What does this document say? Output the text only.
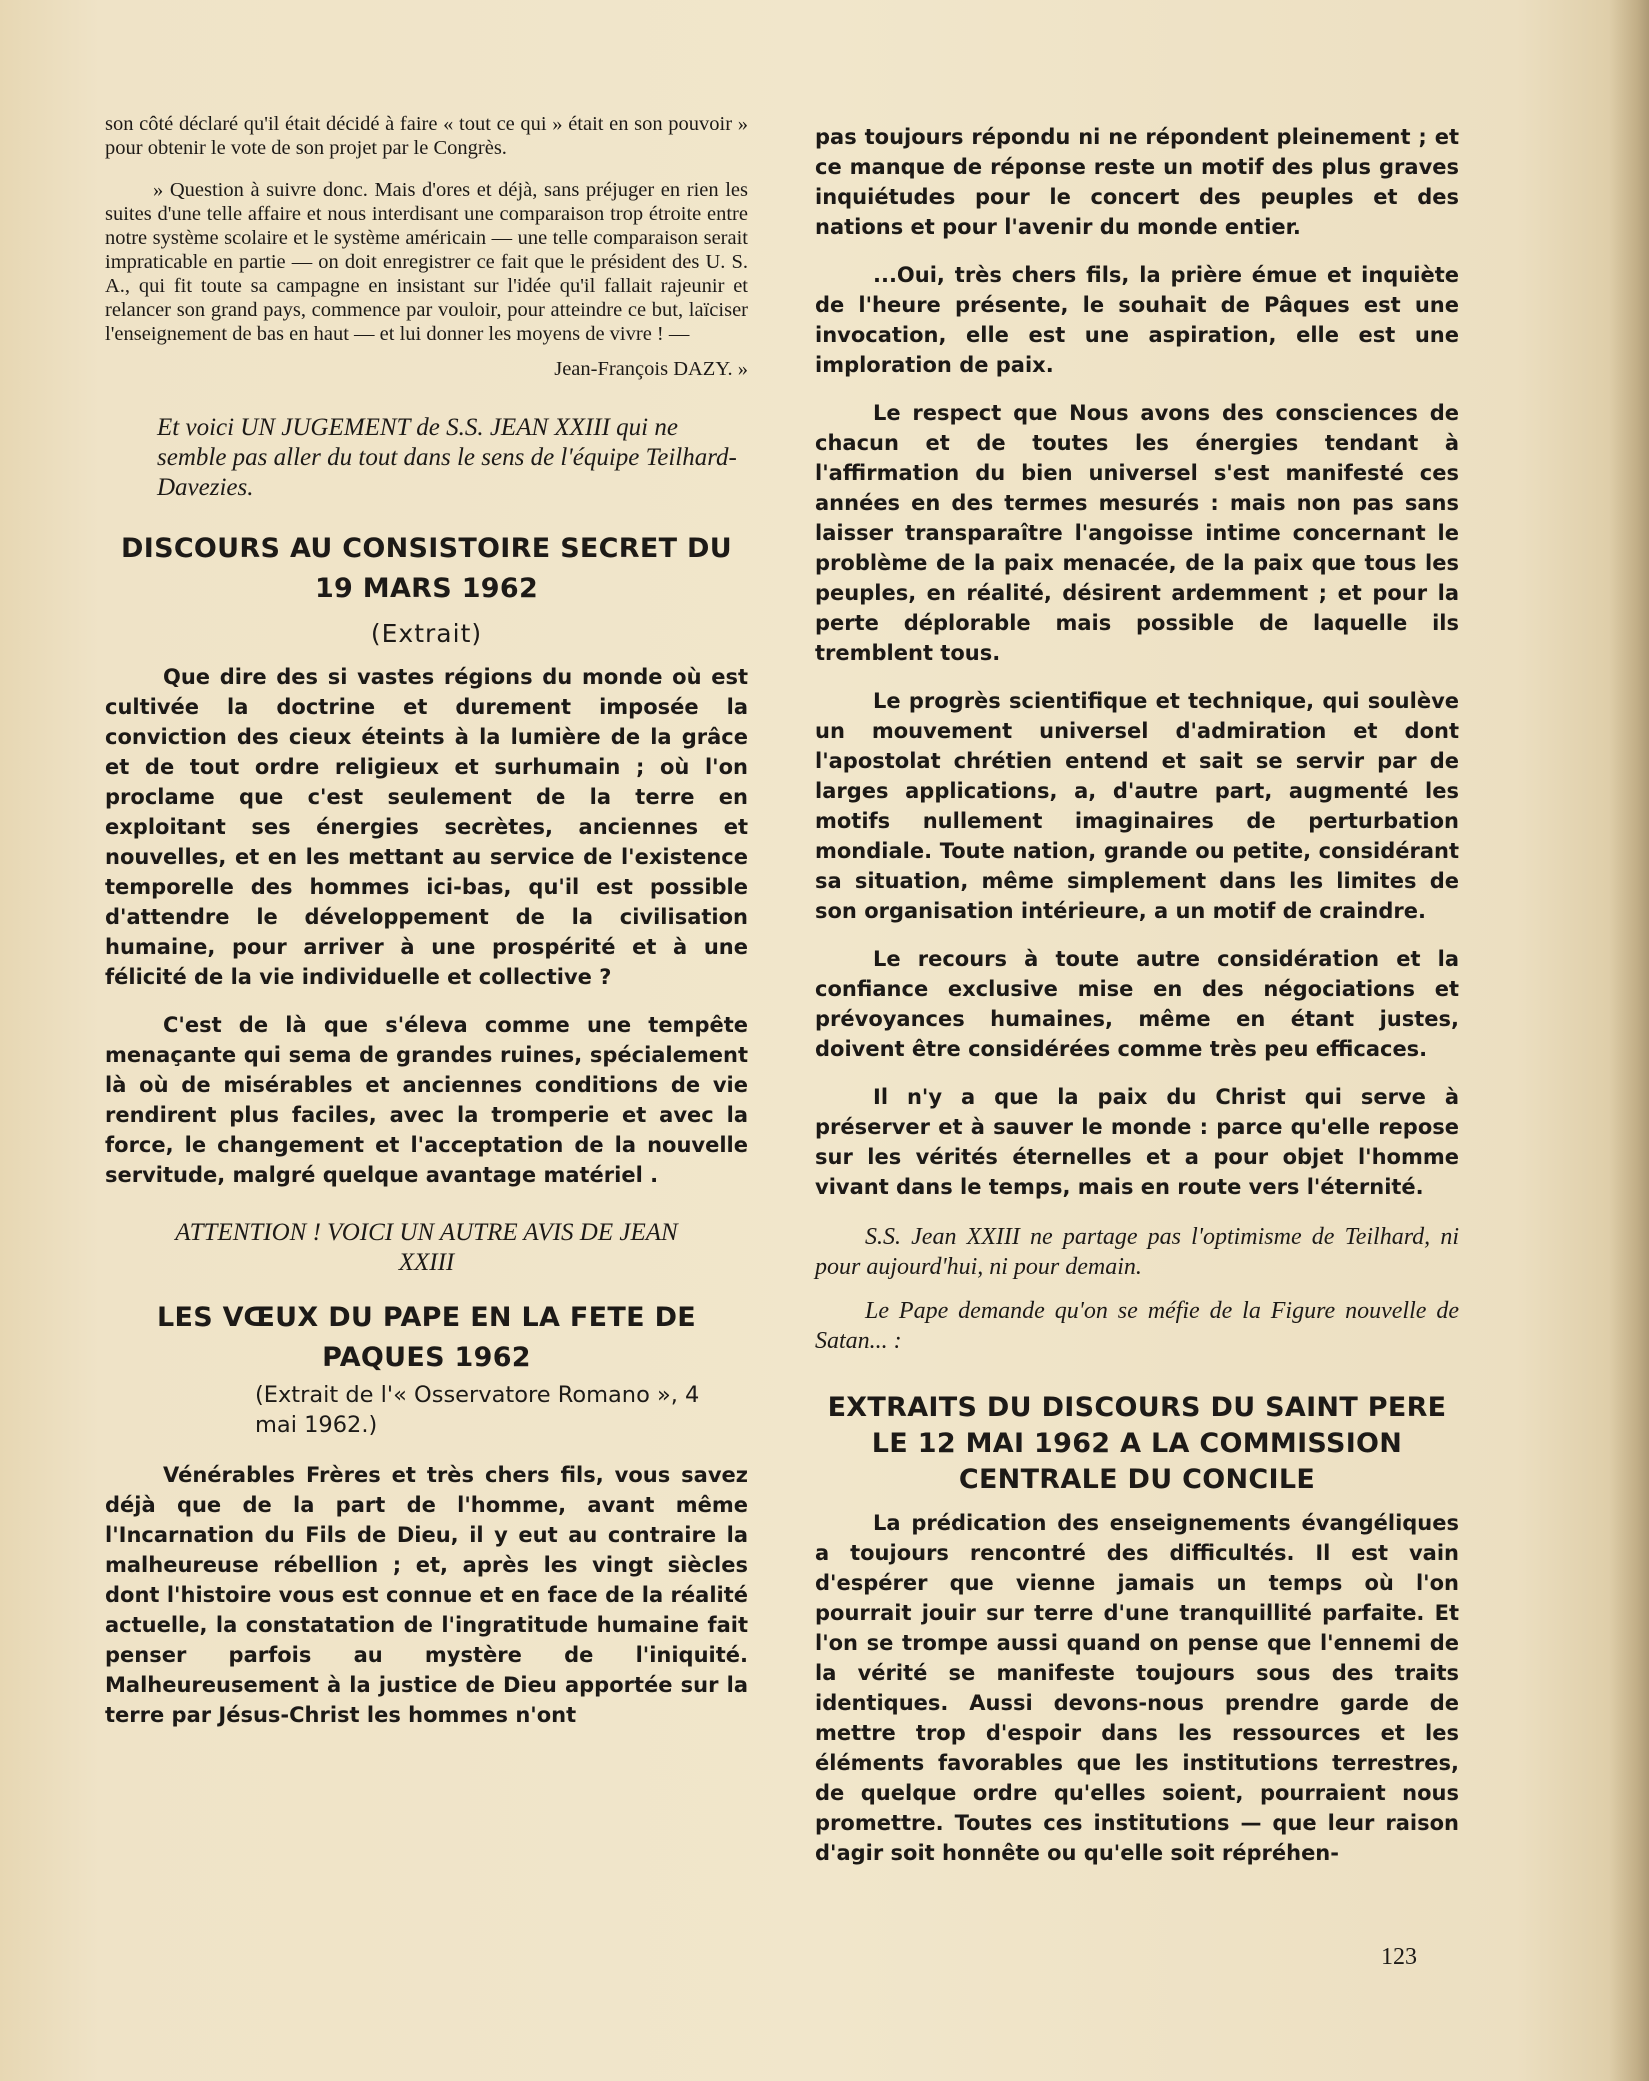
son côté déclaré qu'il était décidé à faire « tout ce qui » était en son pouvoir » pour obtenir le vote de son projet par le Congrès.

» Question à suivre donc. Mais d'ores et déjà, sans préjuger en rien les suites d'une telle affaire et nous interdisant une comparaison trop étroite entre notre système scolaire et le système américain — une telle comparaison serait impraticable en partie — on doit enregistrer ce fait que le président des U. S. A., qui fit toute sa campagne en insistant sur l'idée qu'il fallait rajeunir et relancer son grand pays, commence par vouloir, pour atteindre ce but, laïciser l'enseignement de bas en haut — et lui donner les moyens de vivre ! —

Jean-François DAZY. »

Et voici UN JUGEMENT de S.S. JEAN XXIII qui ne semble pas aller du tout dans le sens de l'équipe Teilhard-Davezies.

DISCOURS AU CONSISTOIRE SECRET DU 19 MARS 1962

(Extrait)

Que dire des si vastes régions du monde où est cultivée la doctrine et durement imposée la conviction des cieux éteints à la lumière de la grâce et de tout ordre religieux et surhumain ; où l'on proclame que c'est seulement de la terre en exploitant ses énergies secrètes, anciennes et nouvelles, et en les mettant au service de l'existence temporelle des hommes ici-bas, qu'il est possible d'attendre le développement de la civilisation humaine, pour arriver à une prospérité et à une félicité de la vie individuelle et collective ?

C'est de là que s'éleva comme une tempête menaçante qui sema de grandes ruines, spécialement là où de misérables et anciennes conditions de vie rendirent plus faciles, avec la tromperie et avec la force, le changement et l'acceptation de la nouvelle servitude, malgré quelque avantage matériel .

ATTENTION ! VOICI UN AUTRE AVIS DE JEAN XXIII

LES VŒUX DU PAPE EN LA FETE DE PAQUES 1962

(Extrait de l'« Osservatore Romano », 4 mai 1962.)

Vénérables Frères et très chers fils, vous savez déjà que de la part de l'homme, avant même l'Incarnation du Fils de Dieu, il y eut au contraire la malheureuse rébellion ; et, après les vingt siècles dont l'histoire vous est connue et en face de la réalité actuelle, la constatation de l'ingratitude humaine fait penser parfois au mystère de l'iniquité. Malheureusement à la justice de Dieu apportée sur la terre par Jésus-Christ les hommes n'ont

pas toujours répondu ni ne répondent pleinement ; et ce manque de réponse reste un motif des plus graves inquiétudes pour le concert des peuples et des nations et pour l'avenir du monde entier.

...Oui, très chers fils, la prière émue et inquiète de l'heure présente, le souhait de Pâques est une invocation, elle est une aspiration, elle est une imploration de paix.

Le respect que Nous avons des consciences de chacun et de toutes les énergies tendant à l'affirmation du bien universel s'est manifesté ces années en des termes mesurés : mais non pas sans laisser transparaître l'angoisse intime concernant le problème de la paix menacée, de la paix que tous les peuples, en réalité, désirent ardemment ; et pour la perte déplorable mais possible de laquelle ils tremblent tous.

Le progrès scientifique et technique, qui soulève un mouvement universel d'admiration et dont l'apostolat chrétien entend et sait se servir par de larges applications, a, d'autre part, augmenté les motifs nullement imaginaires de perturbation mondiale. Toute nation, grande ou petite, considérant sa situation, même simplement dans les limites de son organisation intérieure, a un motif de craindre.

Le recours à toute autre considération et la confiance exclusive mise en des négociations et prévoyances humaines, même en étant justes, doivent être considérées comme très peu efficaces.

Il n'y a que la paix du Christ qui serve à préserver et à sauver le monde : parce qu'elle repose sur les vérités éternelles et a pour objet l'homme vivant dans le temps, mais en route vers l'éternité.

S.S. Jean XXIII ne partage pas l'optimisme de Teilhard, ni pour aujourd'hui, ni pour demain.

Le Pape demande qu'on se méfie de la Figure nouvelle de Satan... :

EXTRAITS DU DISCOURS DU SAINT PERE LE 12 MAI 1962 A LA COMMISSION CENTRALE DU CONCILE

La prédication des enseignements évangéliques a toujours rencontré des difficultés. Il est vain d'espérer que vienne jamais un temps où l'on pourrait jouir sur terre d'une tranquillité parfaite. Et l'on se trompe aussi quand on pense que l'ennemi de la vérité se manifeste toujours sous des traits identiques. Aussi devons-nous prendre garde de mettre trop d'espoir dans les ressources et les éléments favorables que les institutions terrestres, de quelque ordre qu'elles soient, pourraient nous promettre. Toutes ces institutions — que leur raison d'agir soit honnête ou qu'elle soit répréhen-

123
